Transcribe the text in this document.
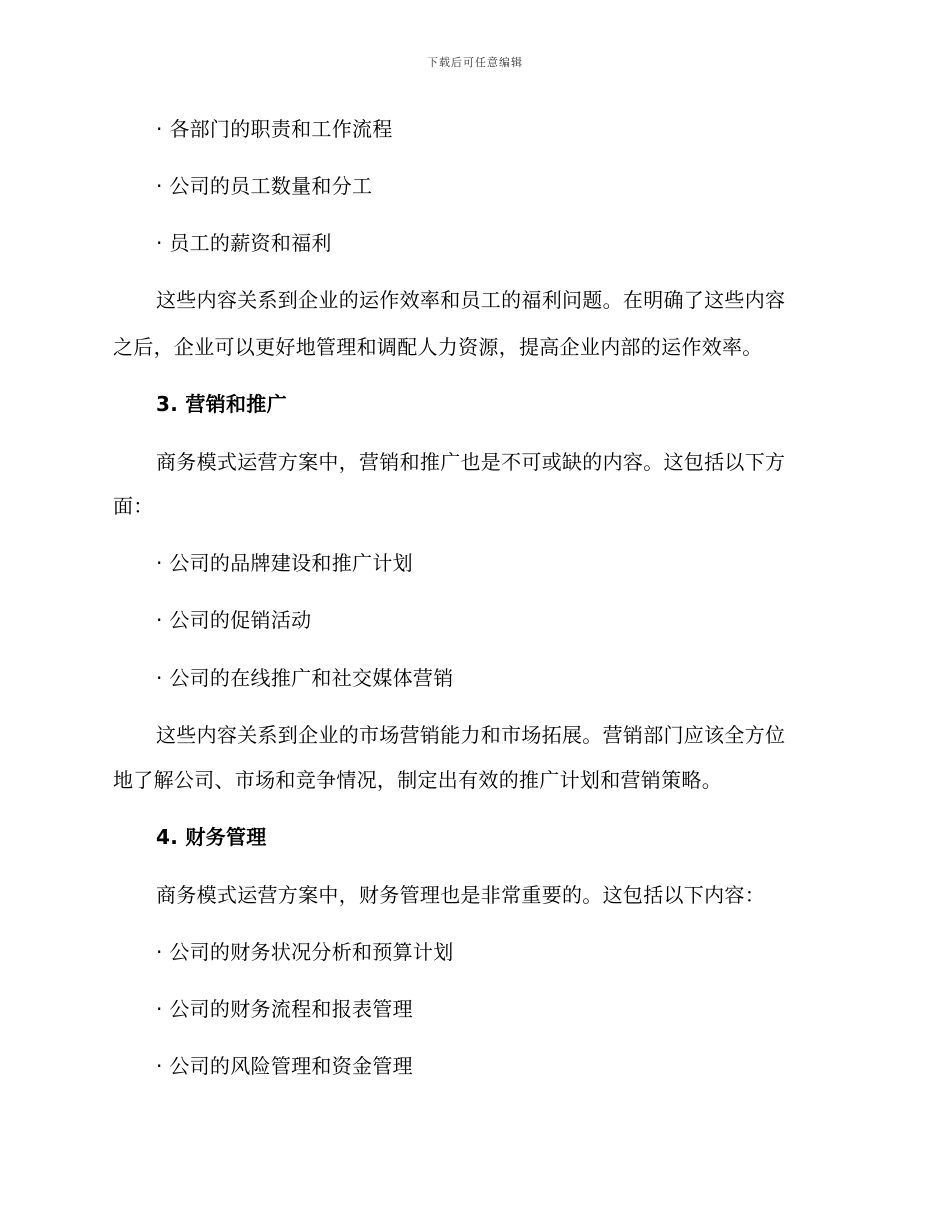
下载后可任意编辑
· 各部门的职责和工作流程
· 公司的员工数量和分工
· 员工的薪资和福利
这些内容关系到企业的运作效率和员工的福利问题。在明确了这些内容
之后，企业可以更好地管理和调配人力资源，提高企业内部的运作效率。
3. 营销和推广
商务模式运营方案中，营销和推广也是不可或缺的内容。这包括以下方
面：
· 公司的品牌建设和推广计划
· 公司的促销活动
· 公司的在线推广和社交媒体营销
这些内容关系到企业的市场营销能力和市场拓展。营销部门应该全方位
地了解公司、市场和竞争情况，制定出有效的推广计划和营销策略。
4. 财务管理
商务模式运营方案中，财务管理也是非常重要的。这包括以下内容：
· 公司的财务状况分析和预算计划
· 公司的财务流程和报表管理
· 公司的风险管理和资金管理
